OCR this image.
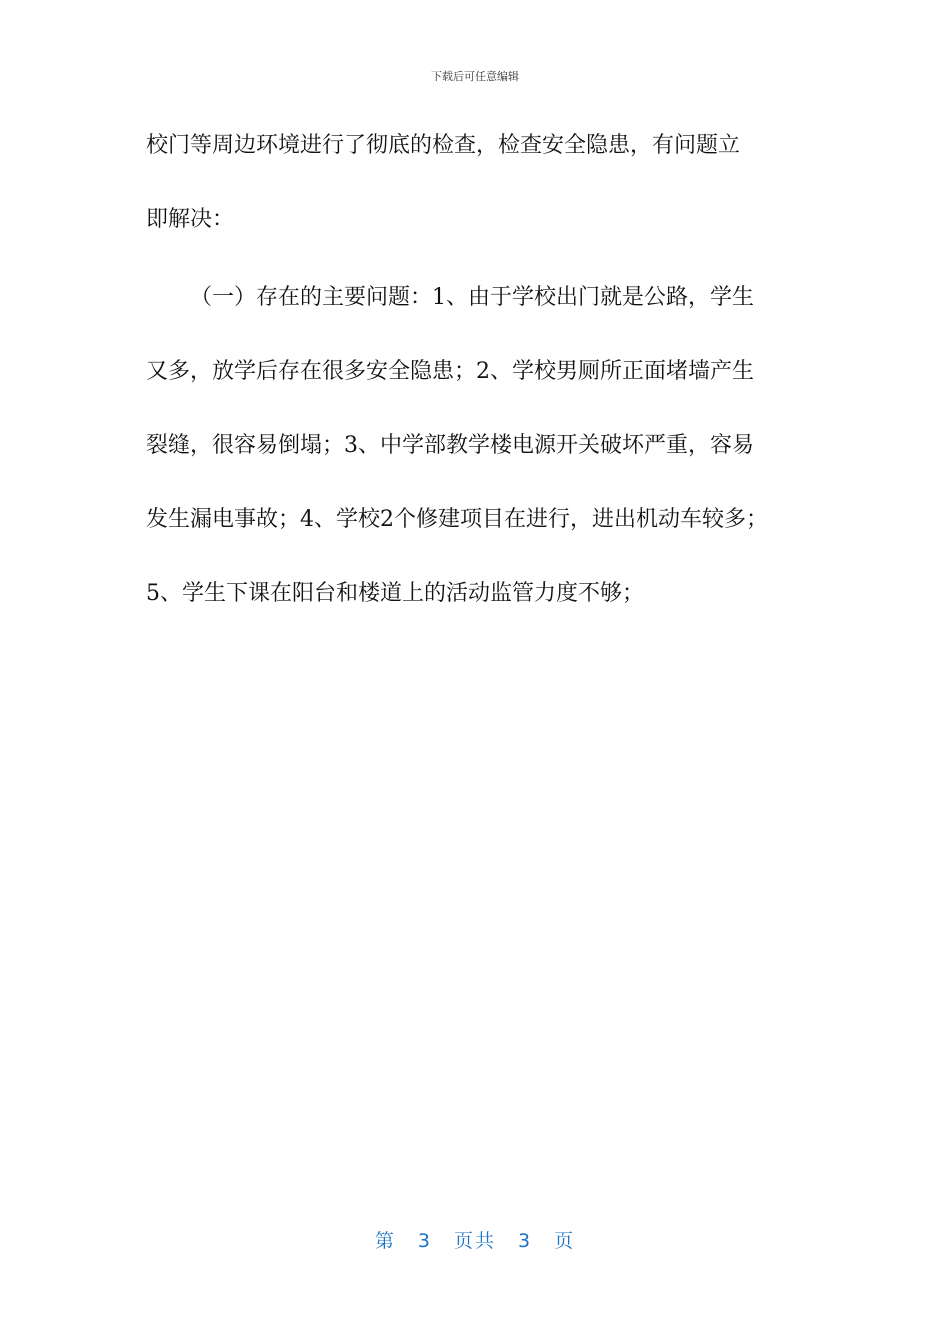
下载后可任意编辑
校门等周边环境进行了彻底的检查，检查安全隐患，有问题立
即解决：
（一）存在的主要问题：1、由于学校出门就是公路，学生
又多，放学后存在很多安全隐患；2、学校男厕所正面堵墙产生
裂缝，很容易倒塌；3、中学部教学楼电源开关破坏严重，容易
发生漏电事故；4、学校2个修建项目在进行，进出机动车较多；
5、学生下课在阳台和楼道上的活动监管力度不够；
第 3 页共 3 页
